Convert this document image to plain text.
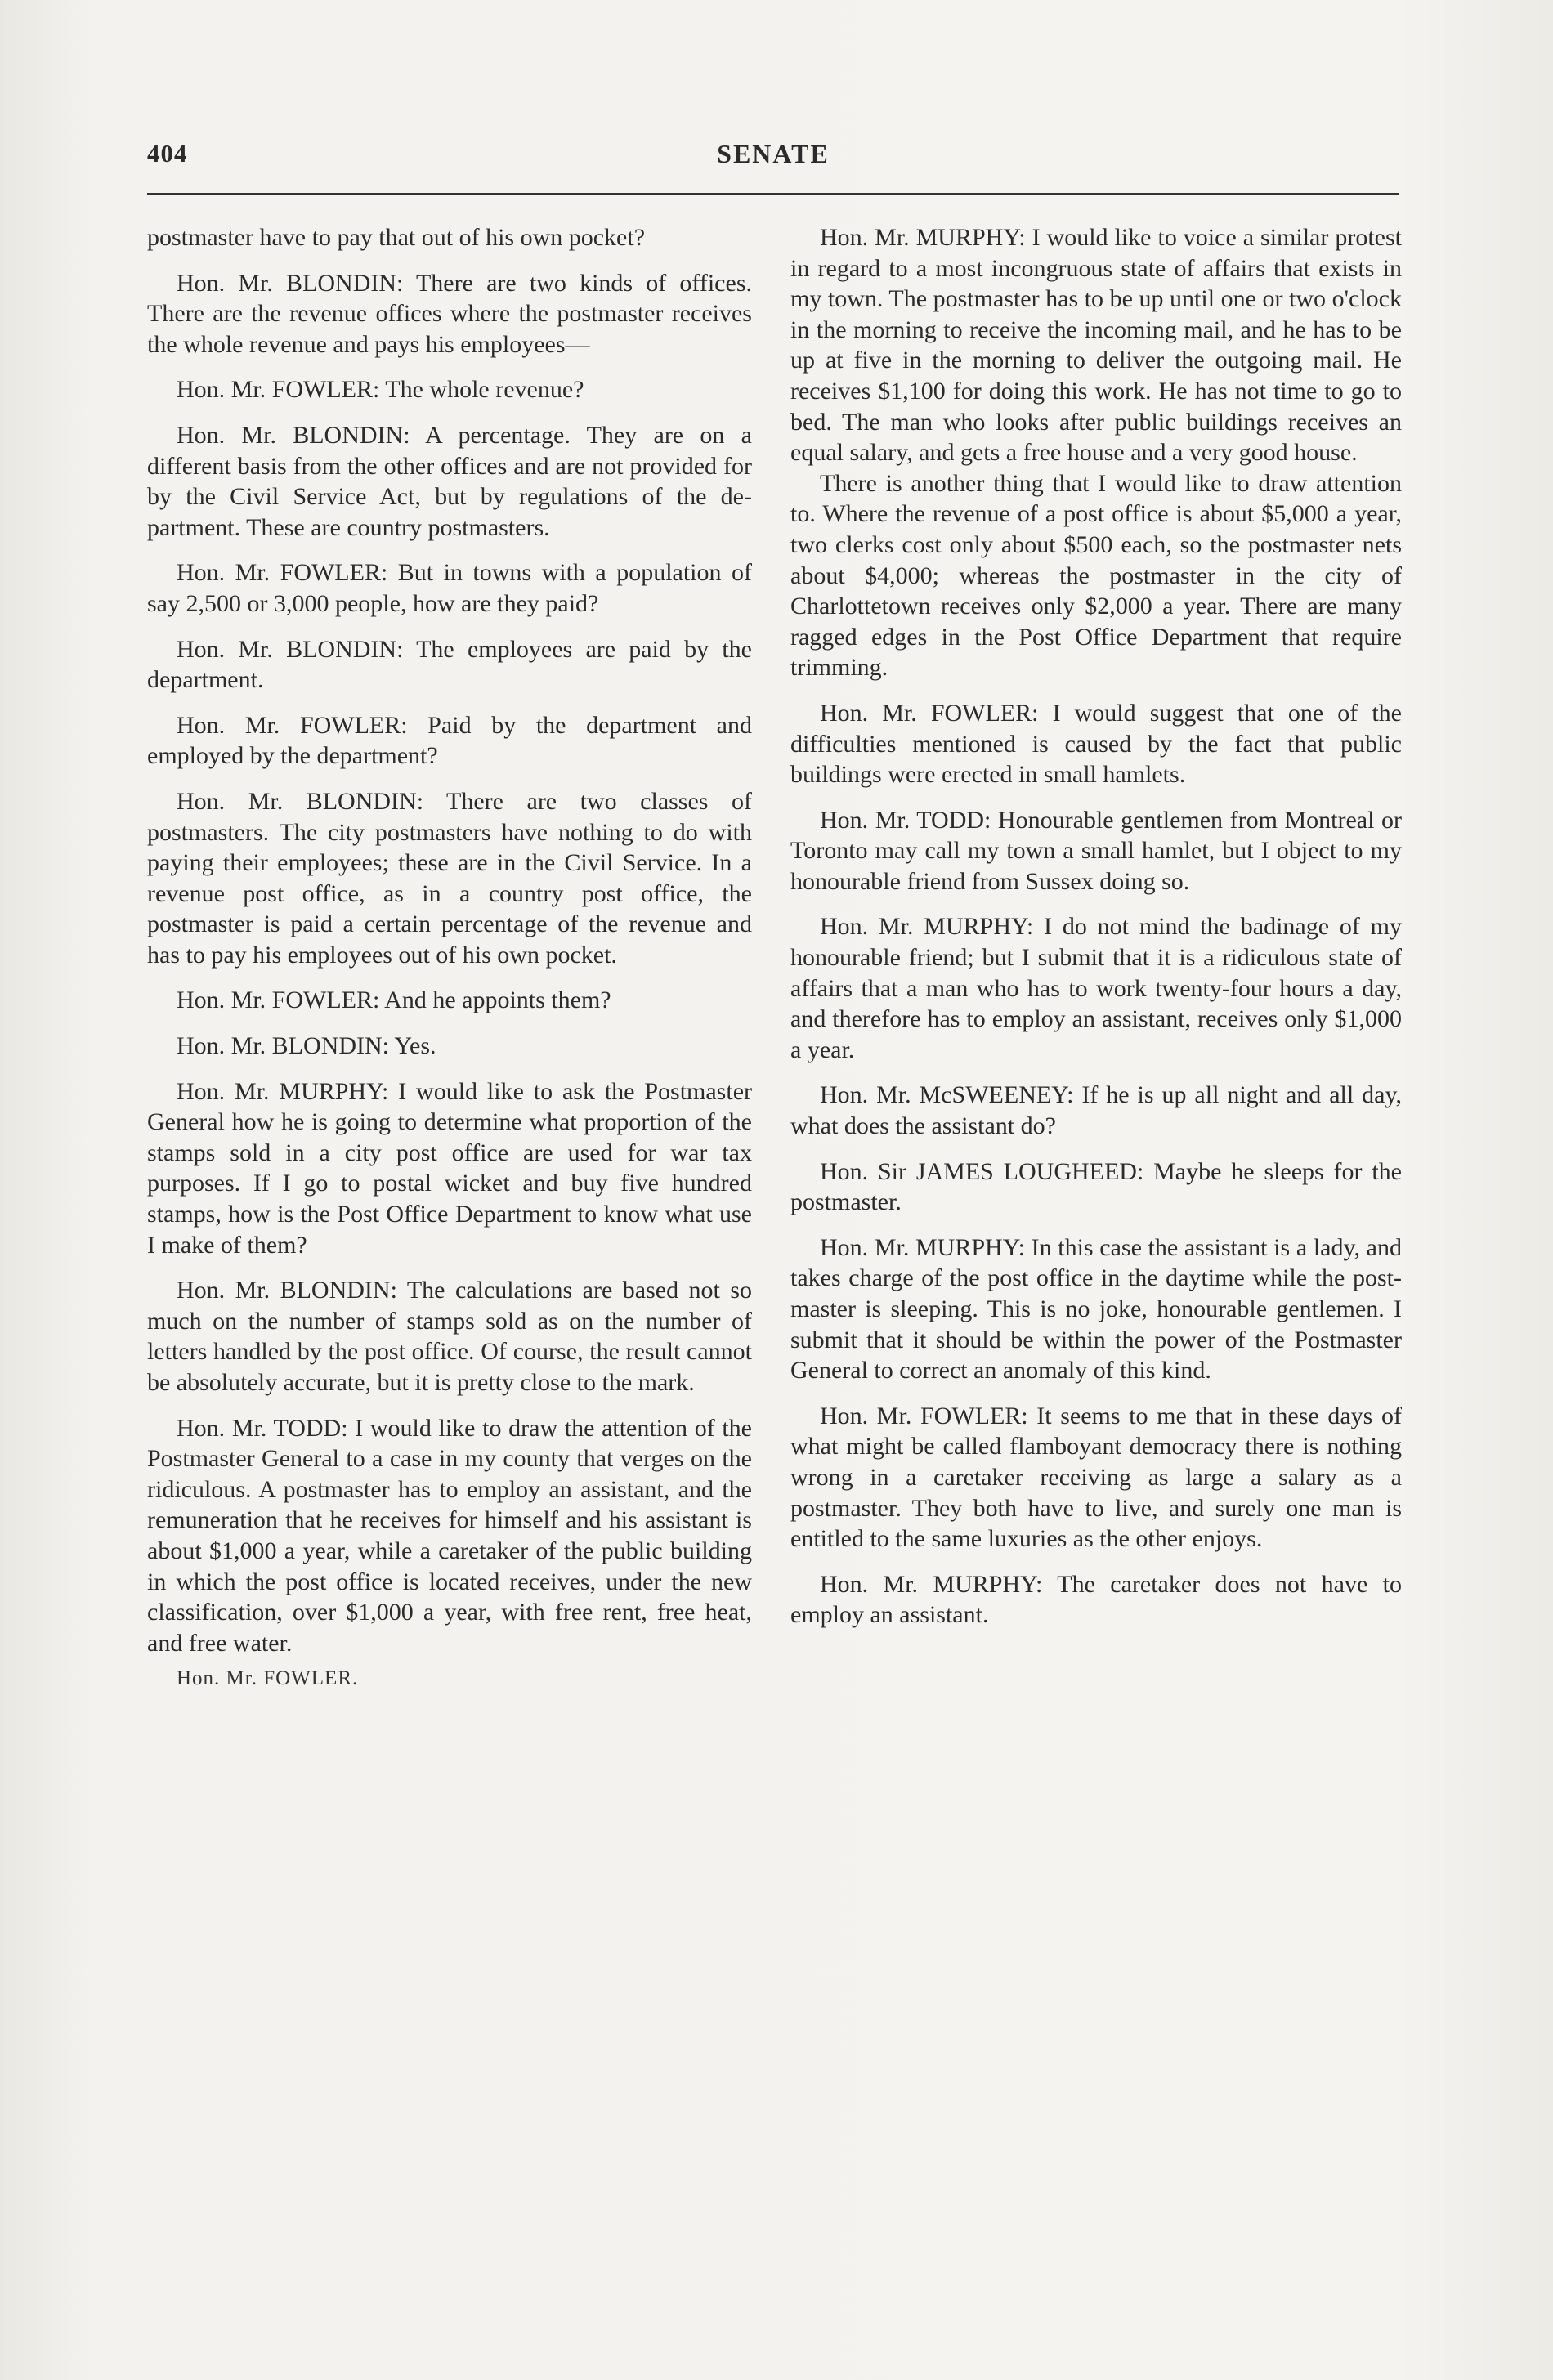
404	SENATE

postmaster have to pay that out of his own pocket?

Hon. Mr. BLONDIN: There are two kinds of offices. There are the revenue offices where the postmaster receives the whole revenue and pays his employees—

Hon. Mr. FOWLER: The whole revenue?

Hon. Mr. BLONDIN: A percentage. They are on a different basis from the other offices and are not provided for by the Civil Service Act, but by regulations of the department. These are country postmasters.

Hon. Mr. FOWLER: But in towns with a population of say 2,500 or 3,000 people, how are they paid?

Hon. Mr. BLONDIN: The employees are paid by the department.

Hon. Mr. FOWLER: Paid by the department and employed by the department?

Hon. Mr. BLONDIN: There are two classes of postmasters. The city postmasters have nothing to do with paying their employees; these are in the Civil Service. In a revenue post office, as in a country post office, the postmaster is paid a certain percentage of the revenue and has to pay his employees out of his own pocket.

Hon. Mr. FOWLER: And he appoints them?

Hon. Mr. BLONDIN: Yes.

Hon. Mr. MURPHY: I would like to ask the Postmaster General how he is going to determine what proportion of the stamps sold in a city post office are used for war tax purposes. If I go to postal wicket and buy five hundred stamps, how is the Post Office Department to know what use I make of them?

Hon. Mr. BLONDIN: The calculations are based not so much on the number of stamps sold as on the number of letters handled by the post office. Of course, the result cannot be absolutely accurate, but it is pretty close to the mark.

Hon. Mr. TODD: I would like to draw the attention of the Postmaster General to a case in my county that verges on the ridiculous. A postmaster has to employ an assistant, and the remuneration that he receives for himself and his assistant is about $1,000 a year, while a caretaker of the public building in which the post office is located receives, under the new classification, over $1,000 a year, with free rent, free heat, and free water.

Hon. Mr. FOWLER.

Hon. Mr. MURPHY: I would like to voice a similar protest in regard to a most incongruous state of affairs that exists in my town. The postmaster has to be up until one or two o'clock in the morning to receive the incoming mail, and he has to be up at five in the morning to deliver the outgoing mail. He receives $1,100 for doing this work. He has not time to go to bed. The man who looks after public buildings receives an equal salary, and gets a free house and a very good house.

There is another thing that I would like to draw attention to. Where the revenue of a post office is about $5,000 a year, two clerks cost only about $500 each, so the postmaster nets about $4,000; whereas the postmaster in the city of Charlottetown receives only $2,000 a year. There are many ragged edges in the Post Office Department that require trimming.

Hon. Mr. FOWLER: I would suggest that one of the difficulties mentioned is caused by the fact that public buildings were erected in small hamlets.

Hon. Mr. TODD: Honourable gentlemen from Montreal or Toronto may call my town a small hamlet, but I object to my honourable friend from Sussex doing so.

Hon. Mr. MURPHY: I do not mind the badinage of my honourable friend; but I submit that it is a ridiculous state of affairs that a man who has to work twenty-four hours a day, and therefore has to employ an assistant, receives only $1,000 a year.

Hon. Mr. McSWEENEY: If he is up all night and all day, what does the assistant do?

Hon. Sir JAMES LOUGHEED: Maybe he sleeps for the postmaster.

Hon. Mr. MURPHY: In this case the assistant is a lady, and takes charge of the post office in the daytime while the postmaster is sleeping. This is no joke, honourable gentlemen. I submit that it should be within the power of the Postmaster General to correct an anomaly of this kind.

Hon. Mr. FOWLER: It seems to me that in these days of what might be called flamboyant democracy there is nothing wrong in a caretaker receiving as large a salary as a postmaster. They both have to live, and surely one man is entitled to the same luxuries as the other enjoys.

Hon. Mr. MURPHY: The caretaker does not have to employ an assistant.
